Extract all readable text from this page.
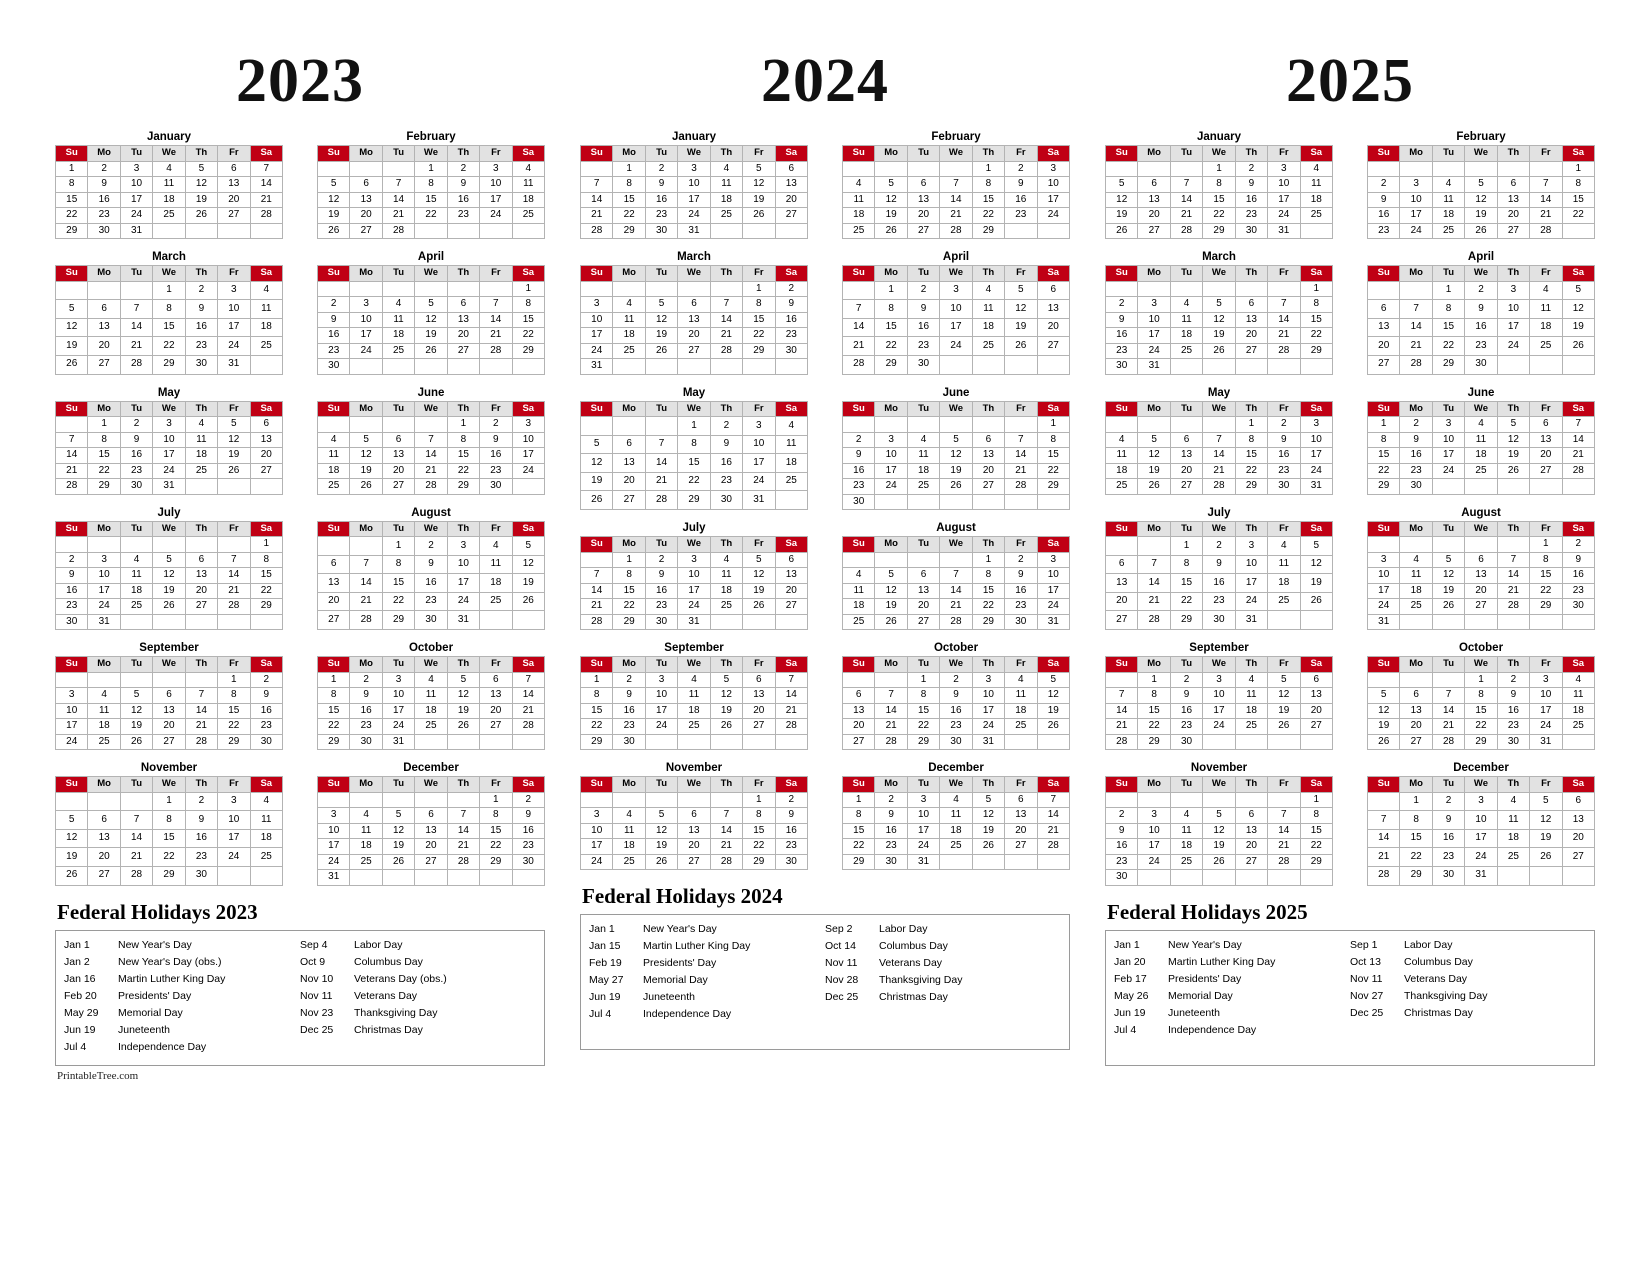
2023
January
Su	Mo	Tu	We	Th	Fr	Sa
1	2	3	4	5	6	7
8	9	10	11	12	13	14
15	16	17	18	19	20	21
22	23	24	25	26	27	28
29	30	31				
February
Su	Mo	Tu	We	Th	Fr	Sa
			1	2	3	4
5	6	7	8	9	10	11
12	13	14	15	16	17	18
19	20	21	22	23	24	25
26	27	28				
March
Su	Mo	Tu	We	Th	Fr	Sa
			1	2	3	4
5	6	7	8	9	10	11
12	13	14	15	16	17	18
19	20	21	22	23	24	25
26	27	28	29	30	31	
April
Su	Mo	Tu	We	Th	Fr	Sa
						1
2	3	4	5	6	7	8
9	10	11	12	13	14	15
16	17	18	19	20	21	22
23	24	25	26	27	28	29
30						
May
Su	Mo	Tu	We	Th	Fr	Sa
	1	2	3	4	5	6
7	8	9	10	11	12	13
14	15	16	17	18	19	20
21	22	23	24	25	26	27
28	29	30	31			
June
Su	Mo	Tu	We	Th	Fr	Sa
				1	2	3
4	5	6	7	8	9	10
11	12	13	14	15	16	17
18	19	20	21	22	23	24
25	26	27	28	29	30	
July
Su	Mo	Tu	We	Th	Fr	Sa
						1
2	3	4	5	6	7	8
9	10	11	12	13	14	15
16	17	18	19	20	21	22
23	24	25	26	27	28	29
30	31					
August
Su	Mo	Tu	We	Th	Fr	Sa
		1	2	3	4	5
6	7	8	9	10	11	12
13	14	15	16	17	18	19
20	21	22	23	24	25	26
27	28	29	30	31		
September
Su	Mo	Tu	We	Th	Fr	Sa
					1	2
3	4	5	6	7	8	9
10	11	12	13	14	15	16
17	18	19	20	21	22	23
24	25	26	27	28	29	30
October
Su	Mo	Tu	We	Th	Fr	Sa
1	2	3	4	5	6	7
8	9	10	11	12	13	14
15	16	17	18	19	20	21
22	23	24	25	26	27	28
29	30	31				
November
Su	Mo	Tu	We	Th	Fr	Sa
			1	2	3	4
5	6	7	8	9	10	11
12	13	14	15	16	17	18
19	20	21	22	23	24	25
26	27	28	29	30		
December
Su	Mo	Tu	We	Th	Fr	Sa
					1	2
3	4	5	6	7	8	9
10	11	12	13	14	15	16
17	18	19	20	21	22	23
24	25	26	27	28	29	30
31						
Federal Holidays 2023
Jan 1	New Year's Day
Jan 2	New Year's Day (obs.)
Jan 16	Martin Luther King Day
Feb 20	Presidents' Day
May 29	Memorial Day
Jun 19	Juneteenth
Jul 4	Independence Day
Sep 4	Labor Day
Oct 9	Columbus Day
Nov 10	Veterans Day (obs.)
Nov 11	Veterans Day
Nov 23	Thanksgiving Day
Dec 25	Christmas Day
PrintableTree.com
2024
January
Su	Mo	Tu	We	Th	Fr	Sa
	1	2	3	4	5	6
7	8	9	10	11	12	13
14	15	16	17	18	19	20
21	22	23	24	25	26	27
28	29	30	31			
February
Su	Mo	Tu	We	Th	Fr	Sa
				1	2	3
4	5	6	7	8	9	10
11	12	13	14	15	16	17
18	19	20	21	22	23	24
25	26	27	28	29		
March
Su	Mo	Tu	We	Th	Fr	Sa
					1	2
3	4	5	6	7	8	9
10	11	12	13	14	15	16
17	18	19	20	21	22	23
24	25	26	27	28	29	30
31						
April
Su	Mo	Tu	We	Th	Fr	Sa
	1	2	3	4	5	6
7	8	9	10	11	12	13
14	15	16	17	18	19	20
21	22	23	24	25	26	27
28	29	30				
May
Su	Mo	Tu	We	Th	Fr	Sa
			1	2	3	4
5	6	7	8	9	10	11
12	13	14	15	16	17	18
19	20	21	22	23	24	25
26	27	28	29	30	31	
June
Su	Mo	Tu	We	Th	Fr	Sa
						1
2	3	4	5	6	7	8
9	10	11	12	13	14	15
16	17	18	19	20	21	22
23	24	25	26	27	28	29
30						
July
Su	Mo	Tu	We	Th	Fr	Sa
	1	2	3	4	5	6
7	8	9	10	11	12	13
14	15	16	17	18	19	20
21	22	23	24	25	26	27
28	29	30	31			
August
Su	Mo	Tu	We	Th	Fr	Sa
				1	2	3
4	5	6	7	8	9	10
11	12	13	14	15	16	17
18	19	20	21	22	23	24
25	26	27	28	29	30	31
September
Su	Mo	Tu	We	Th	Fr	Sa
1	2	3	4	5	6	7
8	9	10	11	12	13	14
15	16	17	18	19	20	21
22	23	24	25	26	27	28
29	30					
October
Su	Mo	Tu	We	Th	Fr	Sa
		1	2	3	4	5
6	7	8	9	10	11	12
13	14	15	16	17	18	19
20	21	22	23	24	25	26
27	28	29	30	31		
November
Su	Mo	Tu	We	Th	Fr	Sa
					1	2
3	4	5	6	7	8	9
10	11	12	13	14	15	16
17	18	19	20	21	22	23
24	25	26	27	28	29	30
December
Su	Mo	Tu	We	Th	Fr	Sa
1	2	3	4	5	6	7
8	9	10	11	12	13	14
15	16	17	18	19	20	21
22	23	24	25	26	27	28
29	30	31				
Federal Holidays 2024
Jan 1	New Year's Day
Jan 15	Martin Luther King Day
Feb 19	Presidents' Day
May 27	Memorial Day
Jun 19	Juneteenth
Jul 4	Independence Day
Sep 2	Labor Day
Oct 14	Columbus Day
Nov 11	Veterans Day
Nov 28	Thanksgiving Day
Dec 25	Christmas Day
2025
January
Su	Mo	Tu	We	Th	Fr	Sa
			1	2	3	4
5	6	7	8	9	10	11
12	13	14	15	16	17	18
19	20	21	22	23	24	25
26	27	28	29	30	31	
February
Su	Mo	Tu	We	Th	Fr	Sa
						1
2	3	4	5	6	7	8
9	10	11	12	13	14	15
16	17	18	19	20	21	22
23	24	25	26	27	28	
March
Su	Mo	Tu	We	Th	Fr	Sa
						1
2	3	4	5	6	7	8
9	10	11	12	13	14	15
16	17	18	19	20	21	22
23	24	25	26	27	28	29
30	31					
April
Su	Mo	Tu	We	Th	Fr	Sa
		1	2	3	4	5
6	7	8	9	10	11	12
13	14	15	16	17	18	19
20	21	22	23	24	25	26
27	28	29	30			
May
Su	Mo	Tu	We	Th	Fr	Sa
				1	2	3
4	5	6	7	8	9	10
11	12	13	14	15	16	17
18	19	20	21	22	23	24
25	26	27	28	29	30	31
June
Su	Mo	Tu	We	Th	Fr	Sa
1	2	3	4	5	6	7
8	9	10	11	12	13	14
15	16	17	18	19	20	21
22	23	24	25	26	27	28
29	30					
July
Su	Mo	Tu	We	Th	Fr	Sa
		1	2	3	4	5
6	7	8	9	10	11	12
13	14	15	16	17	18	19
20	21	22	23	24	25	26
27	28	29	30	31		
August
Su	Mo	Tu	We	Th	Fr	Sa
					1	2
3	4	5	6	7	8	9
10	11	12	13	14	15	16
17	18	19	20	21	22	23
24	25	26	27	28	29	30
31						
September
Su	Mo	Tu	We	Th	Fr	Sa
	1	2	3	4	5	6
7	8	9	10	11	12	13
14	15	16	17	18	19	20
21	22	23	24	25	26	27
28	29	30				
October
Su	Mo	Tu	We	Th	Fr	Sa
			1	2	3	4
5	6	7	8	9	10	11
12	13	14	15	16	17	18
19	20	21	22	23	24	25
26	27	28	29	30	31	
November
Su	Mo	Tu	We	Th	Fr	Sa
						1
2	3	4	5	6	7	8
9	10	11	12	13	14	15
16	17	18	19	20	21	22
23	24	25	26	27	28	29
30						
December
Su	Mo	Tu	We	Th	Fr	Sa
	1	2	3	4	5	6
7	8	9	10	11	12	13
14	15	16	17	18	19	20
21	22	23	24	25	26	27
28	29	30	31			
Federal Holidays 2025
Jan 1	New Year's Day
Jan 20	Martin Luther King Day
Feb 17	Presidents' Day
May 26	Memorial Day
Jun 19	Juneteenth
Jul 4	Independence Day
Sep 1	Labor Day
Oct 13	Columbus Day
Nov 11	Veterans Day
Nov 27	Thanksgiving Day
Dec 25	Christmas Day
